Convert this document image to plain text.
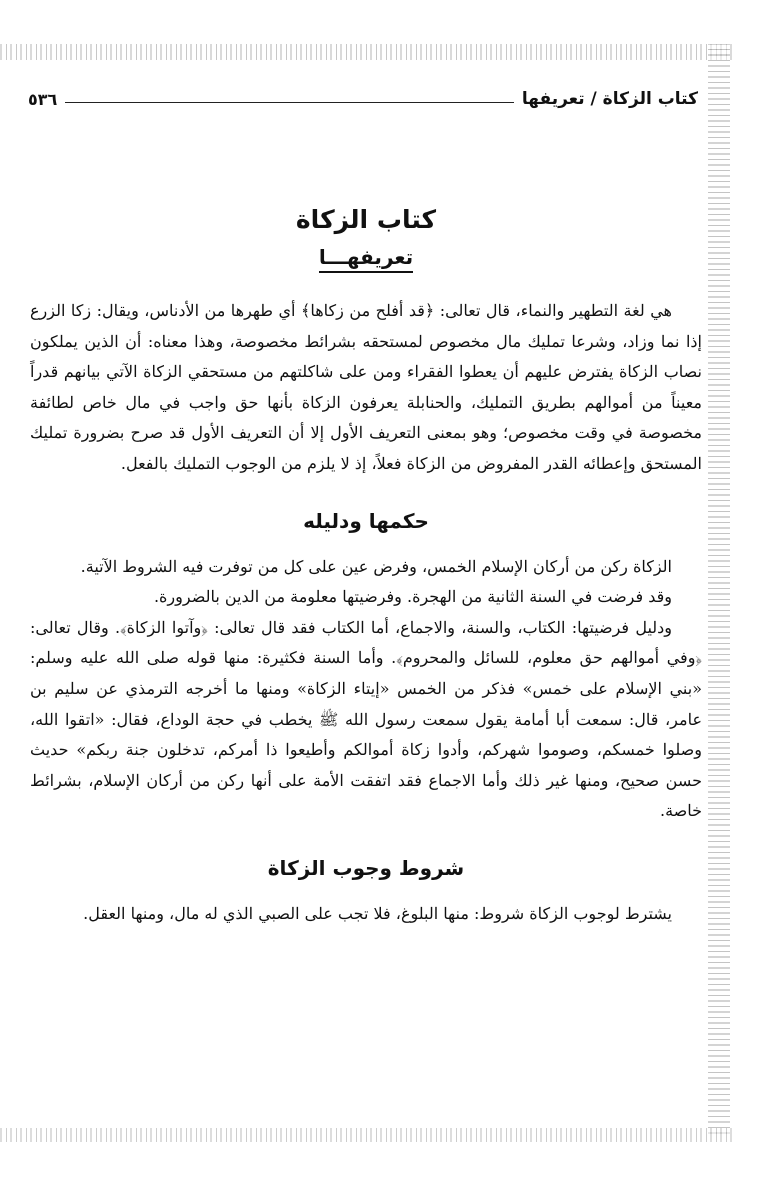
كتاب الزكاة / تعريفها
٥٣٦
كتاب الزكاة
تعريفهـــا

هي لغة التطهير والنماء، قال تعالى: ﴿قد أفلح من زكاها﴾ أي طهرها من الأدناس، ويقال: زكا الزرع إذا نما وزاد، وشرعا تمليك مال مخصوص لمستحقه بشرائط مخصوصة، وهذا معناه: أن الذين يملكون نصاب الزكاة يفترض عليهم أن يعطوا الفقراء ومن على شاكلتهم من مستحقي الزكاة الآتي بيانهم قدراً معيناً من أموالهم بطريق التمليك، والحنابلة يعرفون الزكاة بأنها حق واجب في مال خاص لطائفة مخصوصة في وقت مخصوص؛ وهو بمعنى التعريف الأول إلا أن التعريف الأول قد صرح بضرورة تمليك المستحق وإعطائه القدر المفروض من الزكاة فعلاً، إذ لا يلزم من الوجوب التمليك بالفعل.

حكمها ودليله

الزكاة ركن من أركان الإسلام الخمس، وفرض عين على كل من توفرت فيه الشروط الآتية.

وقد فرضت في السنة الثانية من الهجرة. وفرضيتها معلومة من الدين بالضرورة.

ودليل فرضيتها: الكتاب، والسنة، والاجماع، أما الكتاب فقد قال تعالى: ﴿وآتوا الزكاة﴾. وقال تعالى: ﴿وفي أموالهم حق معلوم، للسائل والمحروم﴾. وأما السنة فكثيرة: منها قوله صلى الله عليه وسلم: «بني الإسلام على خمس» فذكر من الخمس «إيتاء الزكاة» ومنها ما أخرجه الترمذي عن سليم بن عامر، قال: سمعت أبا أمامة يقول سمعت رسول الله ﷺ يخطب في حجة الوداع، فقال: «اتقوا الله، وصلوا خمسكم، وصوموا شهركم، وأدوا زكاة أموالكم وأطيعوا ذا أمركم، تدخلون جنة ربكم» حديث حسن صحيح، ومنها غير ذلك وأما الاجماع فقد اتفقت الأمة على أنها ركن من أركان الإسلام، بشرائط خاصة.

شروط وجوب الزكاة

يشترط لوجوب الزكاة شروط: منها البلوغ، فلا تجب على الصبي الذي له مال، ومنها العقل.
